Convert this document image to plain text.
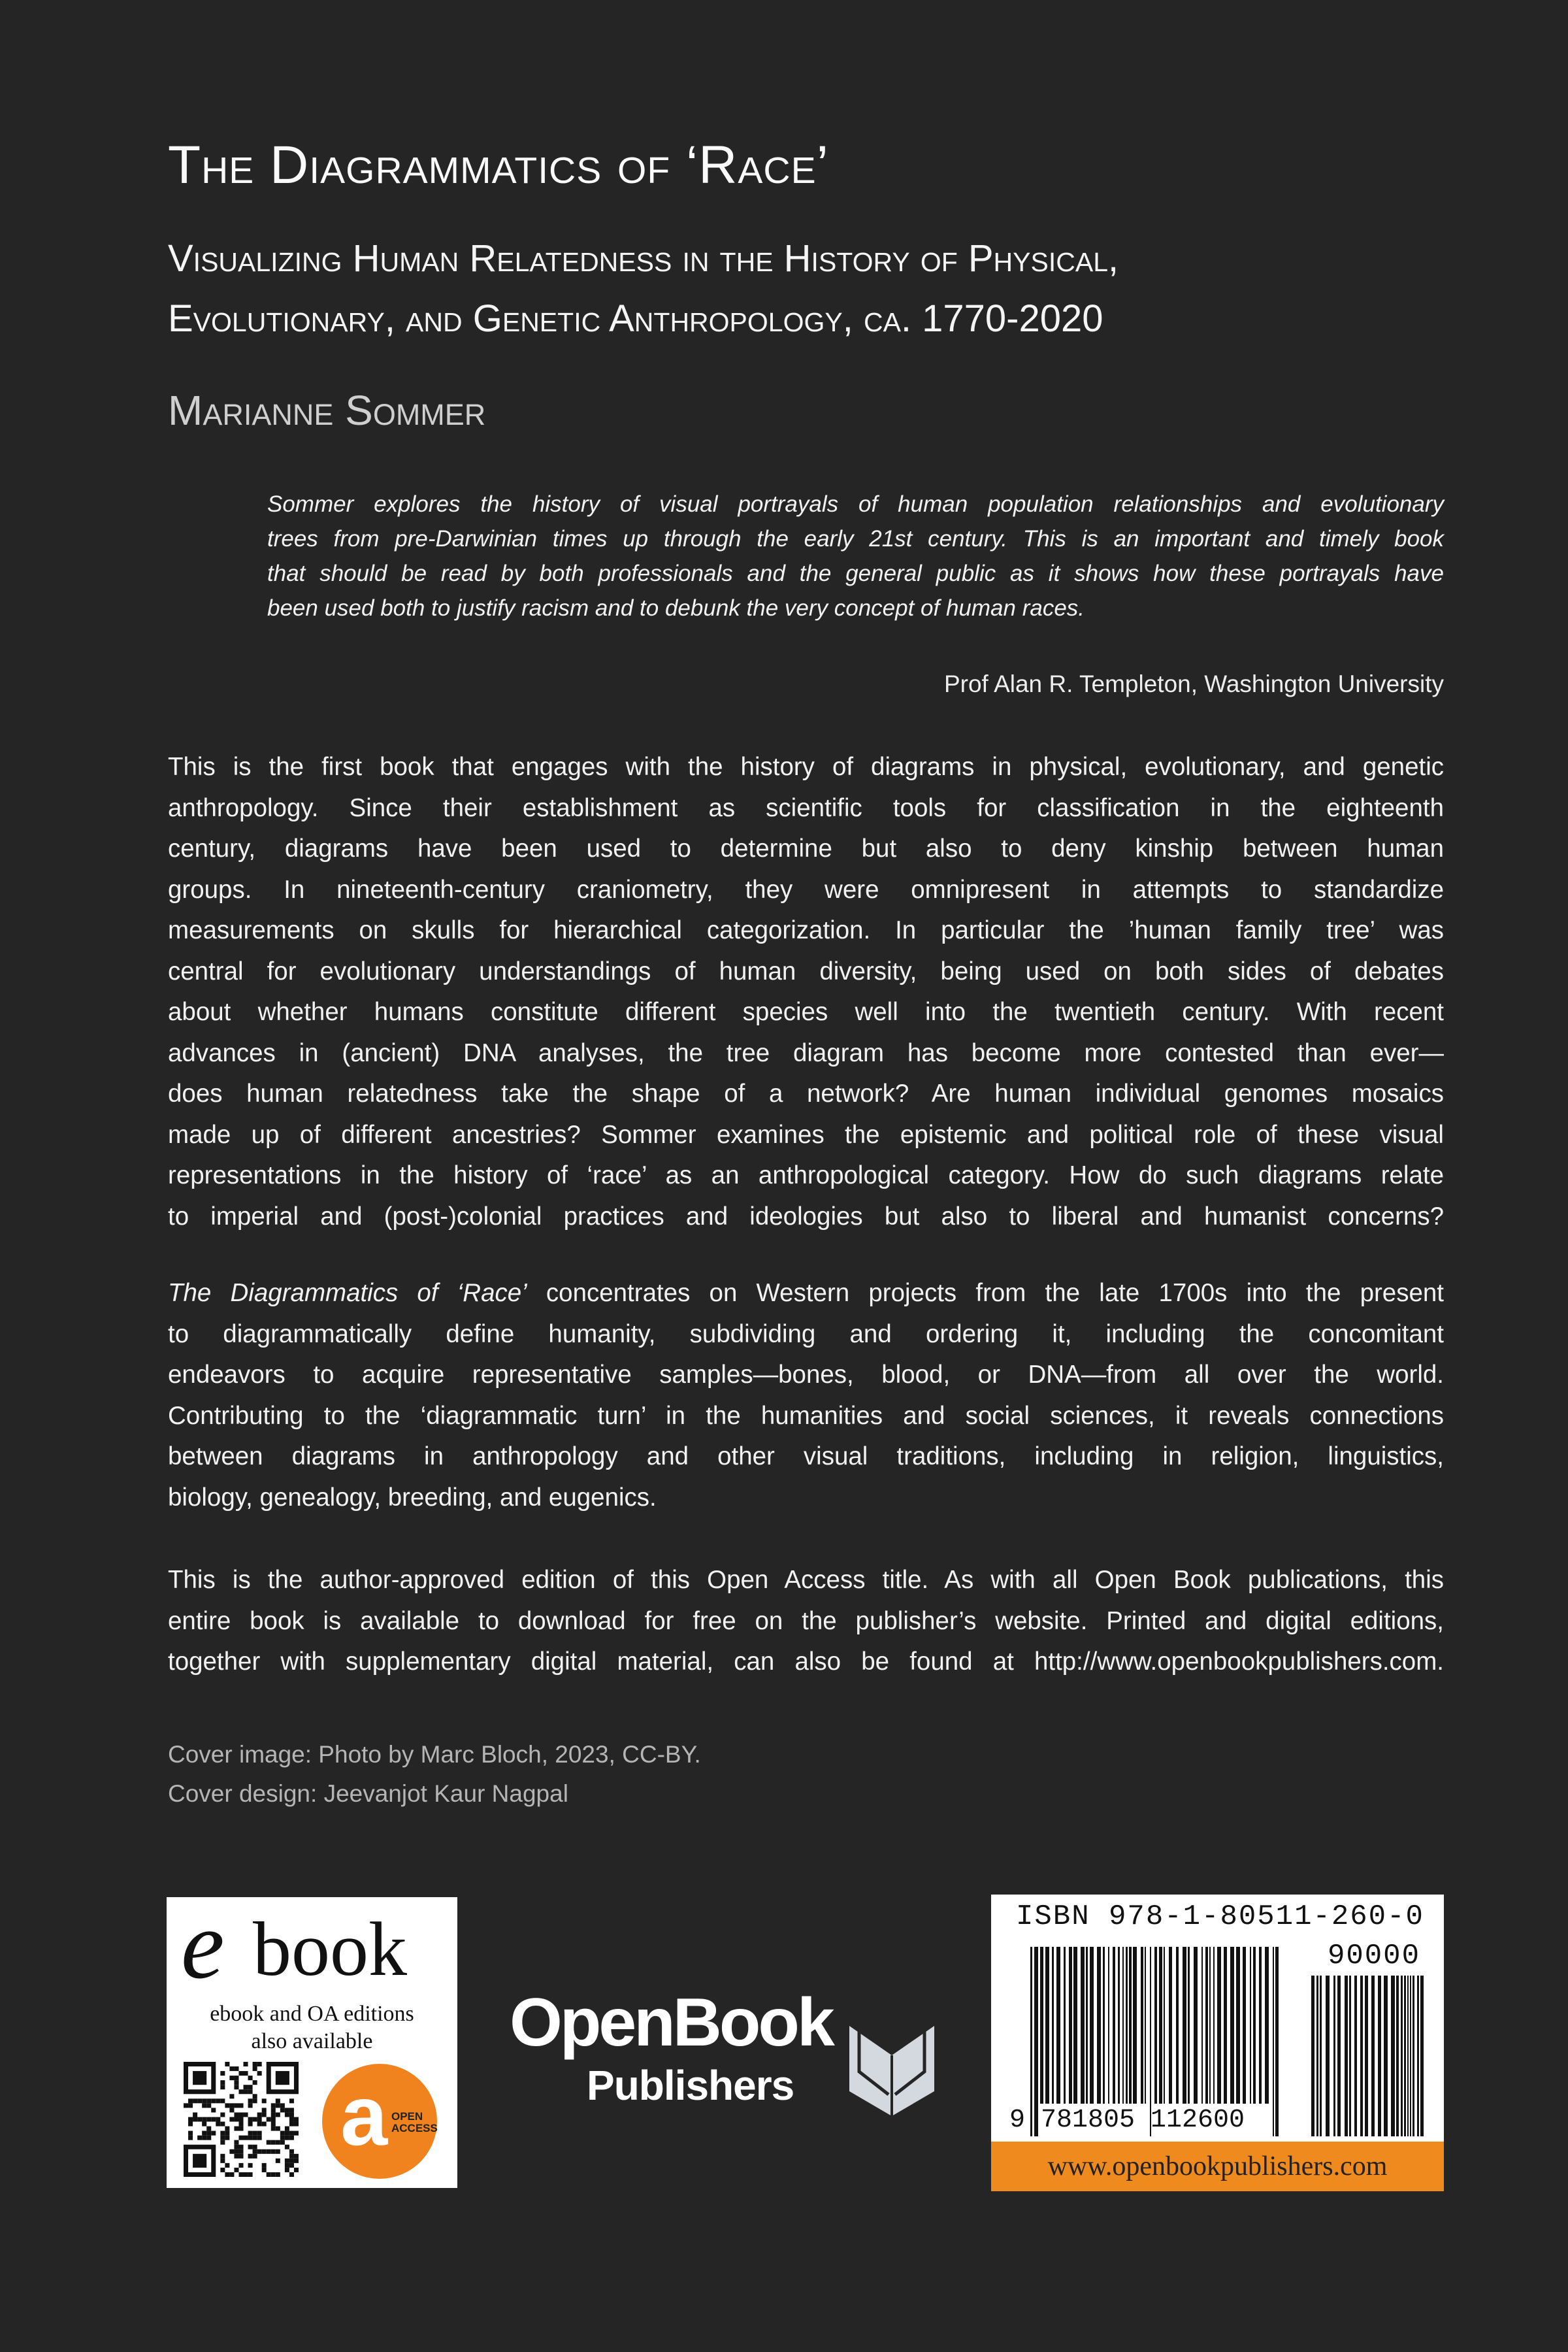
The Diagrammatics of ‘Race’
Visualizing Human Relatedness in the History of Physical,
Evolutionary, and Genetic Anthropology, ca. 1770-2020
Marianne Sommer
Sommer explores the history of visual portrayals of human population relationships and evolutionary
trees from pre-Darwinian times up through the early 21st century. This is an important and timely book
that should be read by both professionals and the general public as it shows how these portrayals have
been used both to justify racism and to debunk the very concept of human races.
Prof Alan R. Templeton, Washington University
This is the first book that engages with the history of diagrams in physical, evolutionary, and genetic
anthropology. Since their establishment as scientific tools for classification in the eighteenth
century, diagrams have been used to determine but also to deny kinship between human
groups. In nineteenth-century craniometry, they were omnipresent in attempts to standardize
measurements on skulls for hierarchical categorization. In particular the ’human family tree’ was
central for evolutionary understandings of human diversity, being used on both sides of debates
about whether humans constitute different species well into the twentieth century. With recent
advances in (ancient) DNA analyses, the tree diagram has become more contested than ever—
does human relatedness take the shape of a network? Are human individual genomes mosaics
made up of different ancestries? Sommer examines the epistemic and political role of these visual
representations in the history of ‘race’ as an anthropological category. How do such diagrams relate
to imperial and (post-)colonial practices and ideologies but also to liberal and humanist concerns?
The Diagrammatics of ‘Race’ concentrates on Western projects from the late 1700s into the present
to diagrammatically define humanity, subdividing and ordering it, including the concomitant
endeavors to acquire representative samples—bones, blood, or DNA—from all over the world.
Contributing to the ‘diagrammatic turn’ in the humanities and social sciences, it reveals connections
between diagrams in anthropology and other visual traditions, including in religion, linguistics,
biology, genealogy, breeding, and eugenics.
This is the author-approved edition of this Open Access title. As with all Open Book publications, this
entire book is available to download for free on the publisher’s website. Printed and digital editions,
together with supplementary digital material, can also be found at http://www.openbookpublishers.com.
Cover image: Photo by Marc Bloch, 2023, CC-BY.
Cover design: Jeevanjot Kaur Nagpal
e book
ebook and OA editions
also available
a OPEN
ACCESS
OpenBook
Publishers
ISBN 978-1-80511-260-0
90000
9 781805 112600
www.openbookpublishers.com
